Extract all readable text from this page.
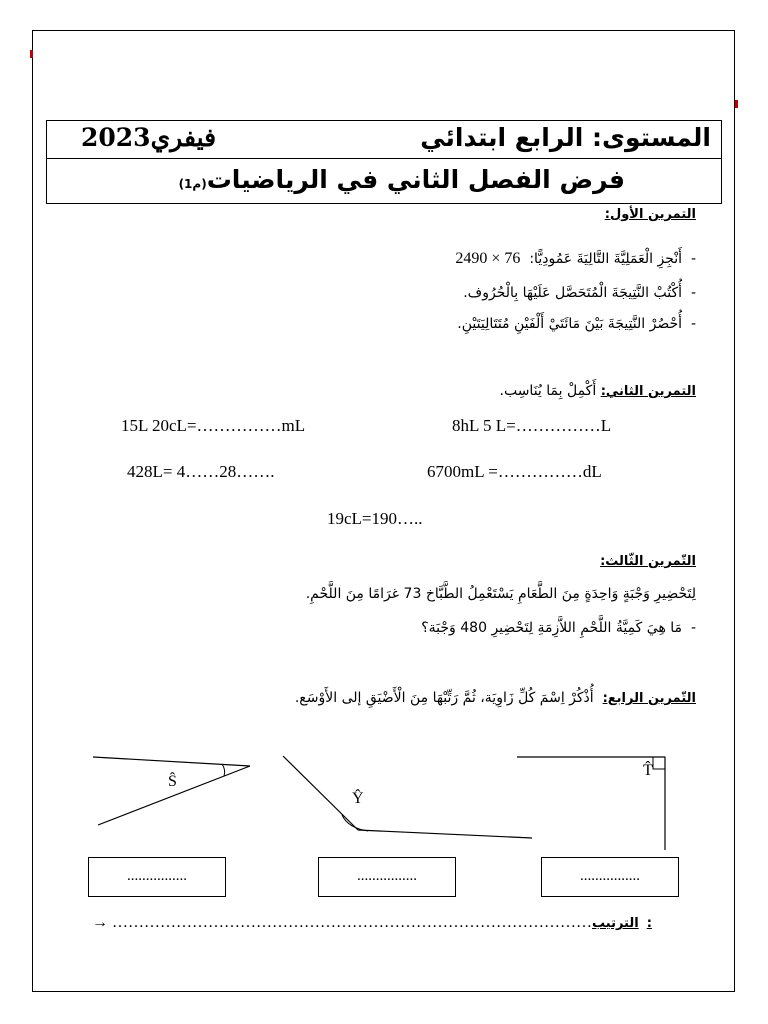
فيفري2023	المستوى: الرابع ابتدائي
فرض الفصل الثاني في الرياضيات(م1)
التمرين الأول:
-  أَنْجِزِ الْعَمَلِيَّةَ التَّالِيَةَ عَمُودِيًّا:  2490 × 76
-  أُكْتُبْ النَّتِيجَةَ الْمُتَحَصَّل عَلَيْهَا بِالْحُرُوف.
-  أُحْصُرْ النَّتِيجَةَ بَيْنَ مَائَتَيْ أَلْفَيْنِ مُتَتَالِيَتَيْنِ.
التمرين الثاني: أَكْمِلْ بِمَا يُنَاسِب.
15L 20cL=……………mL	8hL 5 L=……………L
428L= 4……28…….	6700mL =……………dL
19cL=190…..
التّمرين الثّالث:
لِتَحْضِيرِ وَجْبَةٍ وَاحِدَةٍ مِنَ الطَّعَامِ يَسْتَعْمِلُ الطَّبَّاخ 73 غرَامًا مِنَ اللَّحْمِ.
-  مَا هِيَ كَمِيَّةُ اللَّحْمِ اللاَّزِمَةِ لِتَحْضِيرِ 480 وَجْبَة؟
التّمرين الرابع:  أُذْكُرْ اِسْمَ كُلِّ زَاوِيَة، ثُمَّ رَتِّبْهَا مِنَ الْأَضْيَقِ إلى الأَوْسَع.
Ŝ
Ŷ
T̂
................	................	................
→ ………………………………………………………………………………الترتيب:
